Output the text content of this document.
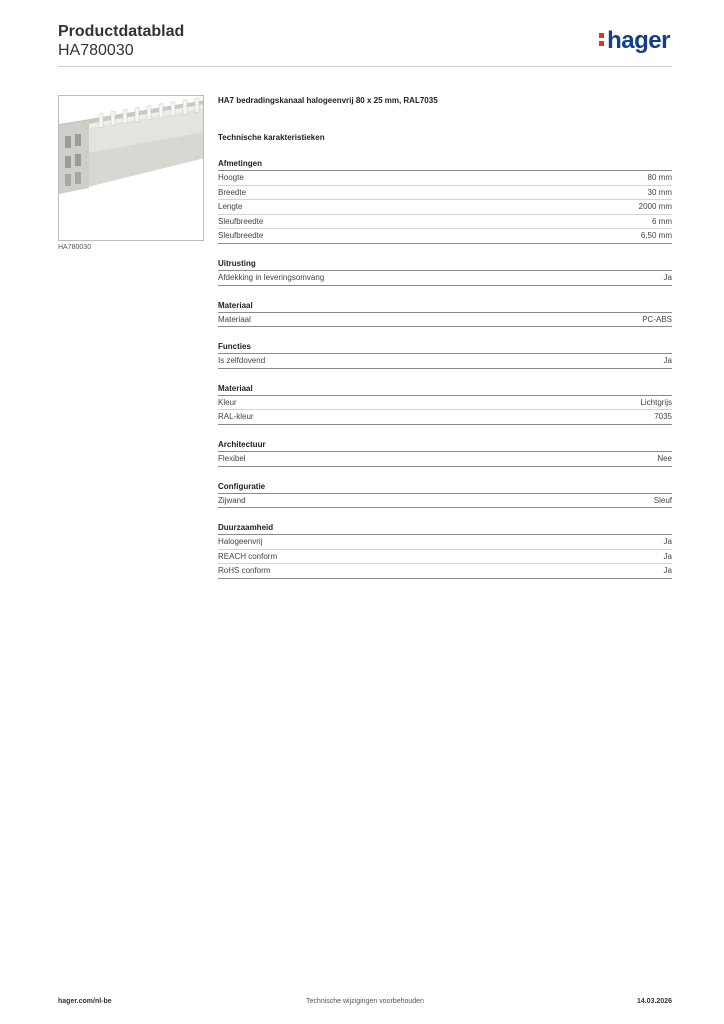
Productdatablad
HA780030	hager
HA780030
HA7 bedradingskanaal halogeenvrij 80 x 25 mm, RAL7035
Technische karakteristieken
Afmetingen
Hoogte	80 mm
Breedte	30 mm
Lengte	2000 mm
Sleufbreedte	6 mm
Sleufbreedte	6,50 mm
Uitrusting
Afdekking in leveringsomvang	Ja
Materiaal
Materiaal	PC-ABS
Functies
Is zelfdovend	Ja
Materiaal
Kleur	Lichtgrijs
RAL-kleur	7035
Architectuur
Flexibel	Nee
Configuratie
Zijwand	Sleuf
Duurzaamheid
Halogeenvrij	Ja
REACH conform	Ja
RoHS conform	Ja
hager.com/nl-be	Technische wijzigingen voorbehouden	14.03.2026
